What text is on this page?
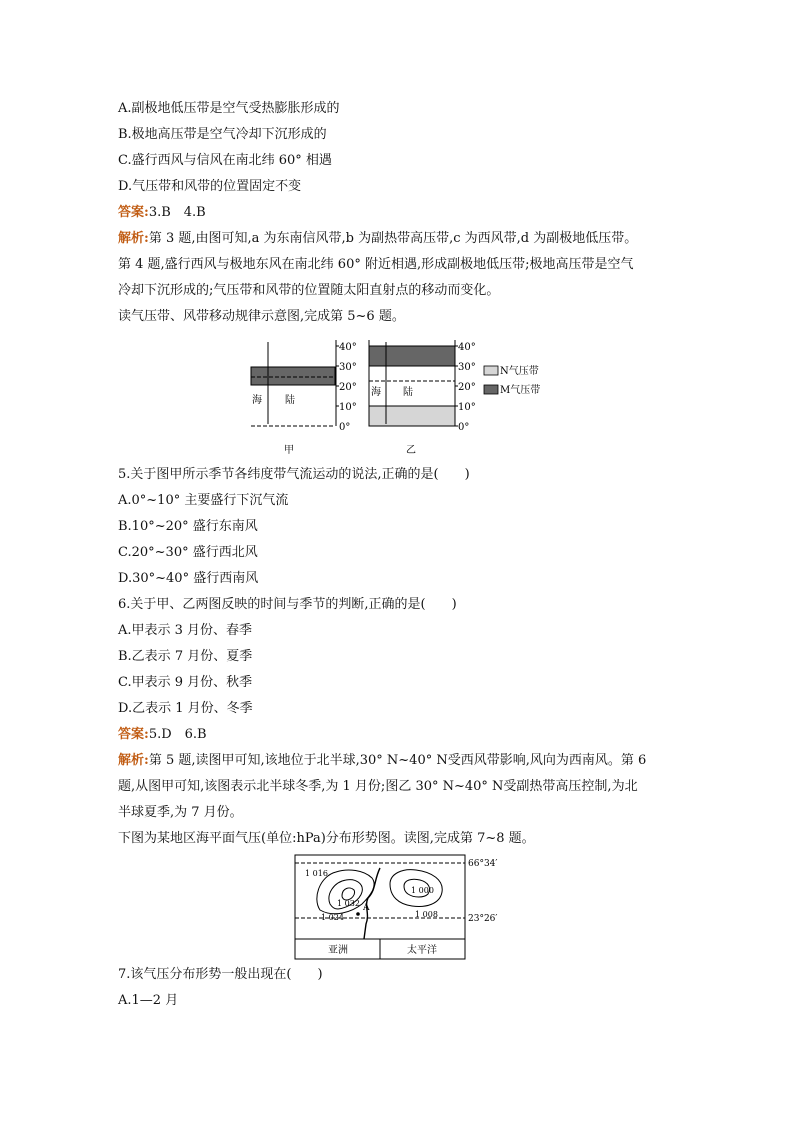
A.副极地低压带是空气受热膨胀形成的
B.极地高压带是空气冷却下沉形成的
C.盛行西风与信风在南北纬 60° 相遇
D.气压带和风带的位置固定不变
答案:3.B　4.B
解析:第 3 题,由图可知,a 为东南信风带,b 为副热带高压带,c 为西风带,d 为副极地低压带。
第 4 题,盛行西风与极地东风在南北纬 60° 附近相遇,形成副极地低压带;极地高压带是空气
冷却下沉形成的;气压带和风带的位置随太阳直射点的移动而变化。
读气压带、风带移动规律示意图,完成第 5~6 题。
40°
30°
20°
10°
0°
海 陆
甲
40°
30°
20°
10°
0°
海 陆
乙
N气压带
M气压带
5.关于图甲所示季节各纬度带气流运动的说法,正确的是(　　)
A.0°~10° 主要盛行下沉气流
B.10°~20° 盛行东南风
C.20°~30° 盛行西北风
D.30°~40° 盛行西南风
6.关于甲、乙两图反映的时间与季节的判断,正确的是(　　)
A.甲表示 3 月份、春季
B.乙表示 7 月份、夏季
C.甲表示 9 月份、秋季
D.乙表示 1 月份、冬季
答案:5.D　6.B
解析:第 5 题,读图甲可知,该地位于北半球,30° N~40° N受西风带影响,风向为西南风。第 6
题,从图甲可知,该图表示北半球冬季,为 1 月份;图乙 30° N~40° N受副热带高压控制,为北
半球夏季,为 7 月份。
下图为某地区海平面气压(单位:hPa)分布形势图。读图,完成第 7~8 题。
A
1 016
1 032
1 024
1 000
1 008
66°34′
23°26′
亚洲	太平洋
7.该气压分布形势一般出现在(　　)
A.1—2 月
